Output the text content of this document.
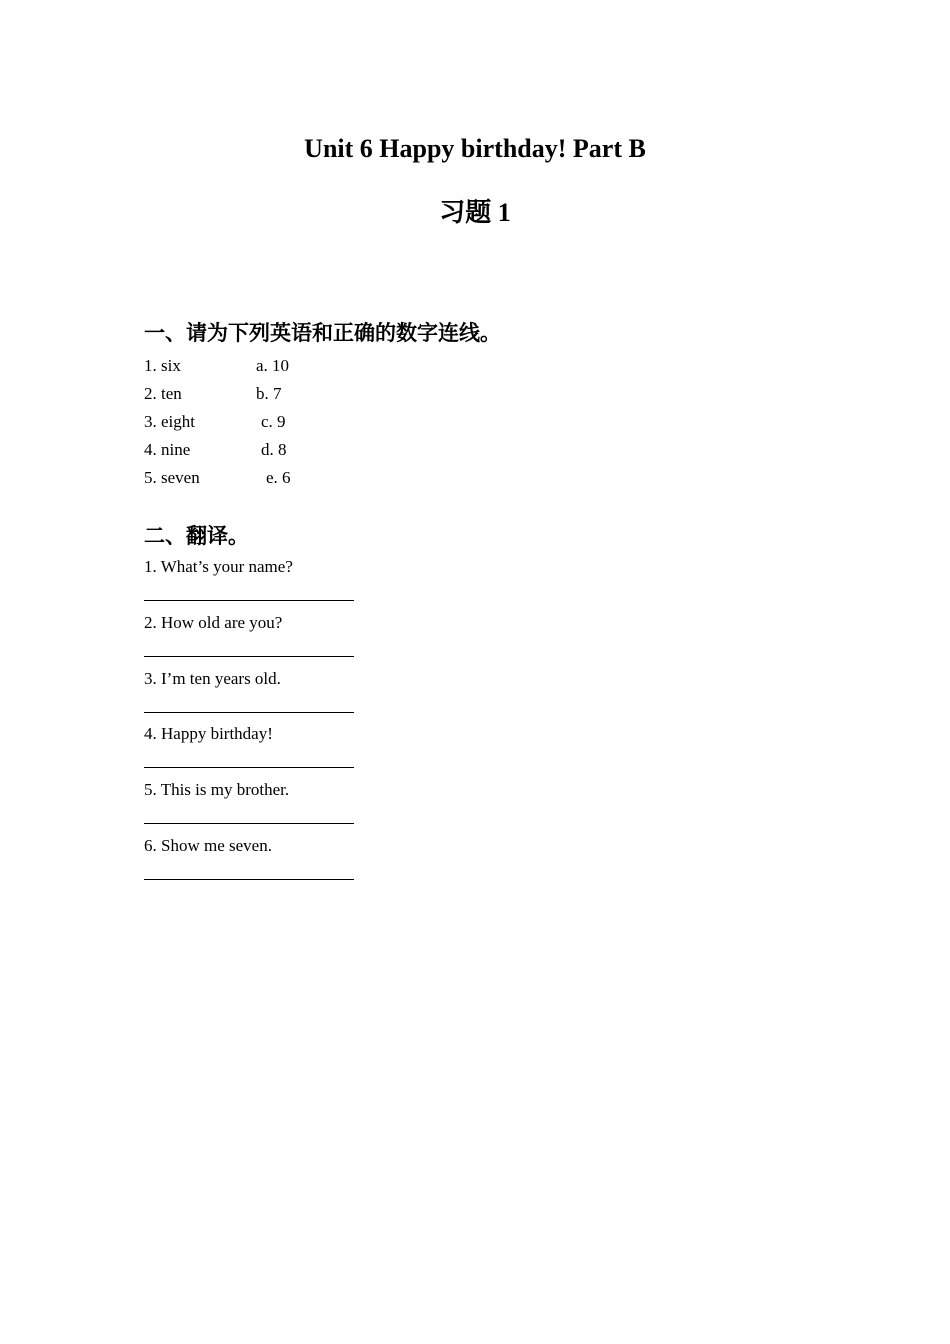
Unit 6 Happy birthday! Part B
习题 1
一、请为下列英语和正确的数字连线。
1. six	a. 10
2. ten	b. 7
3. eight	c. 9
4. nine	d. 8
5. seven	e. 6
二、翻译。
1. What’s your name?
2. How old are you?
3. I’m ten years old.
4. Happy birthday!
5. This is my brother.
6. Show me seven.
